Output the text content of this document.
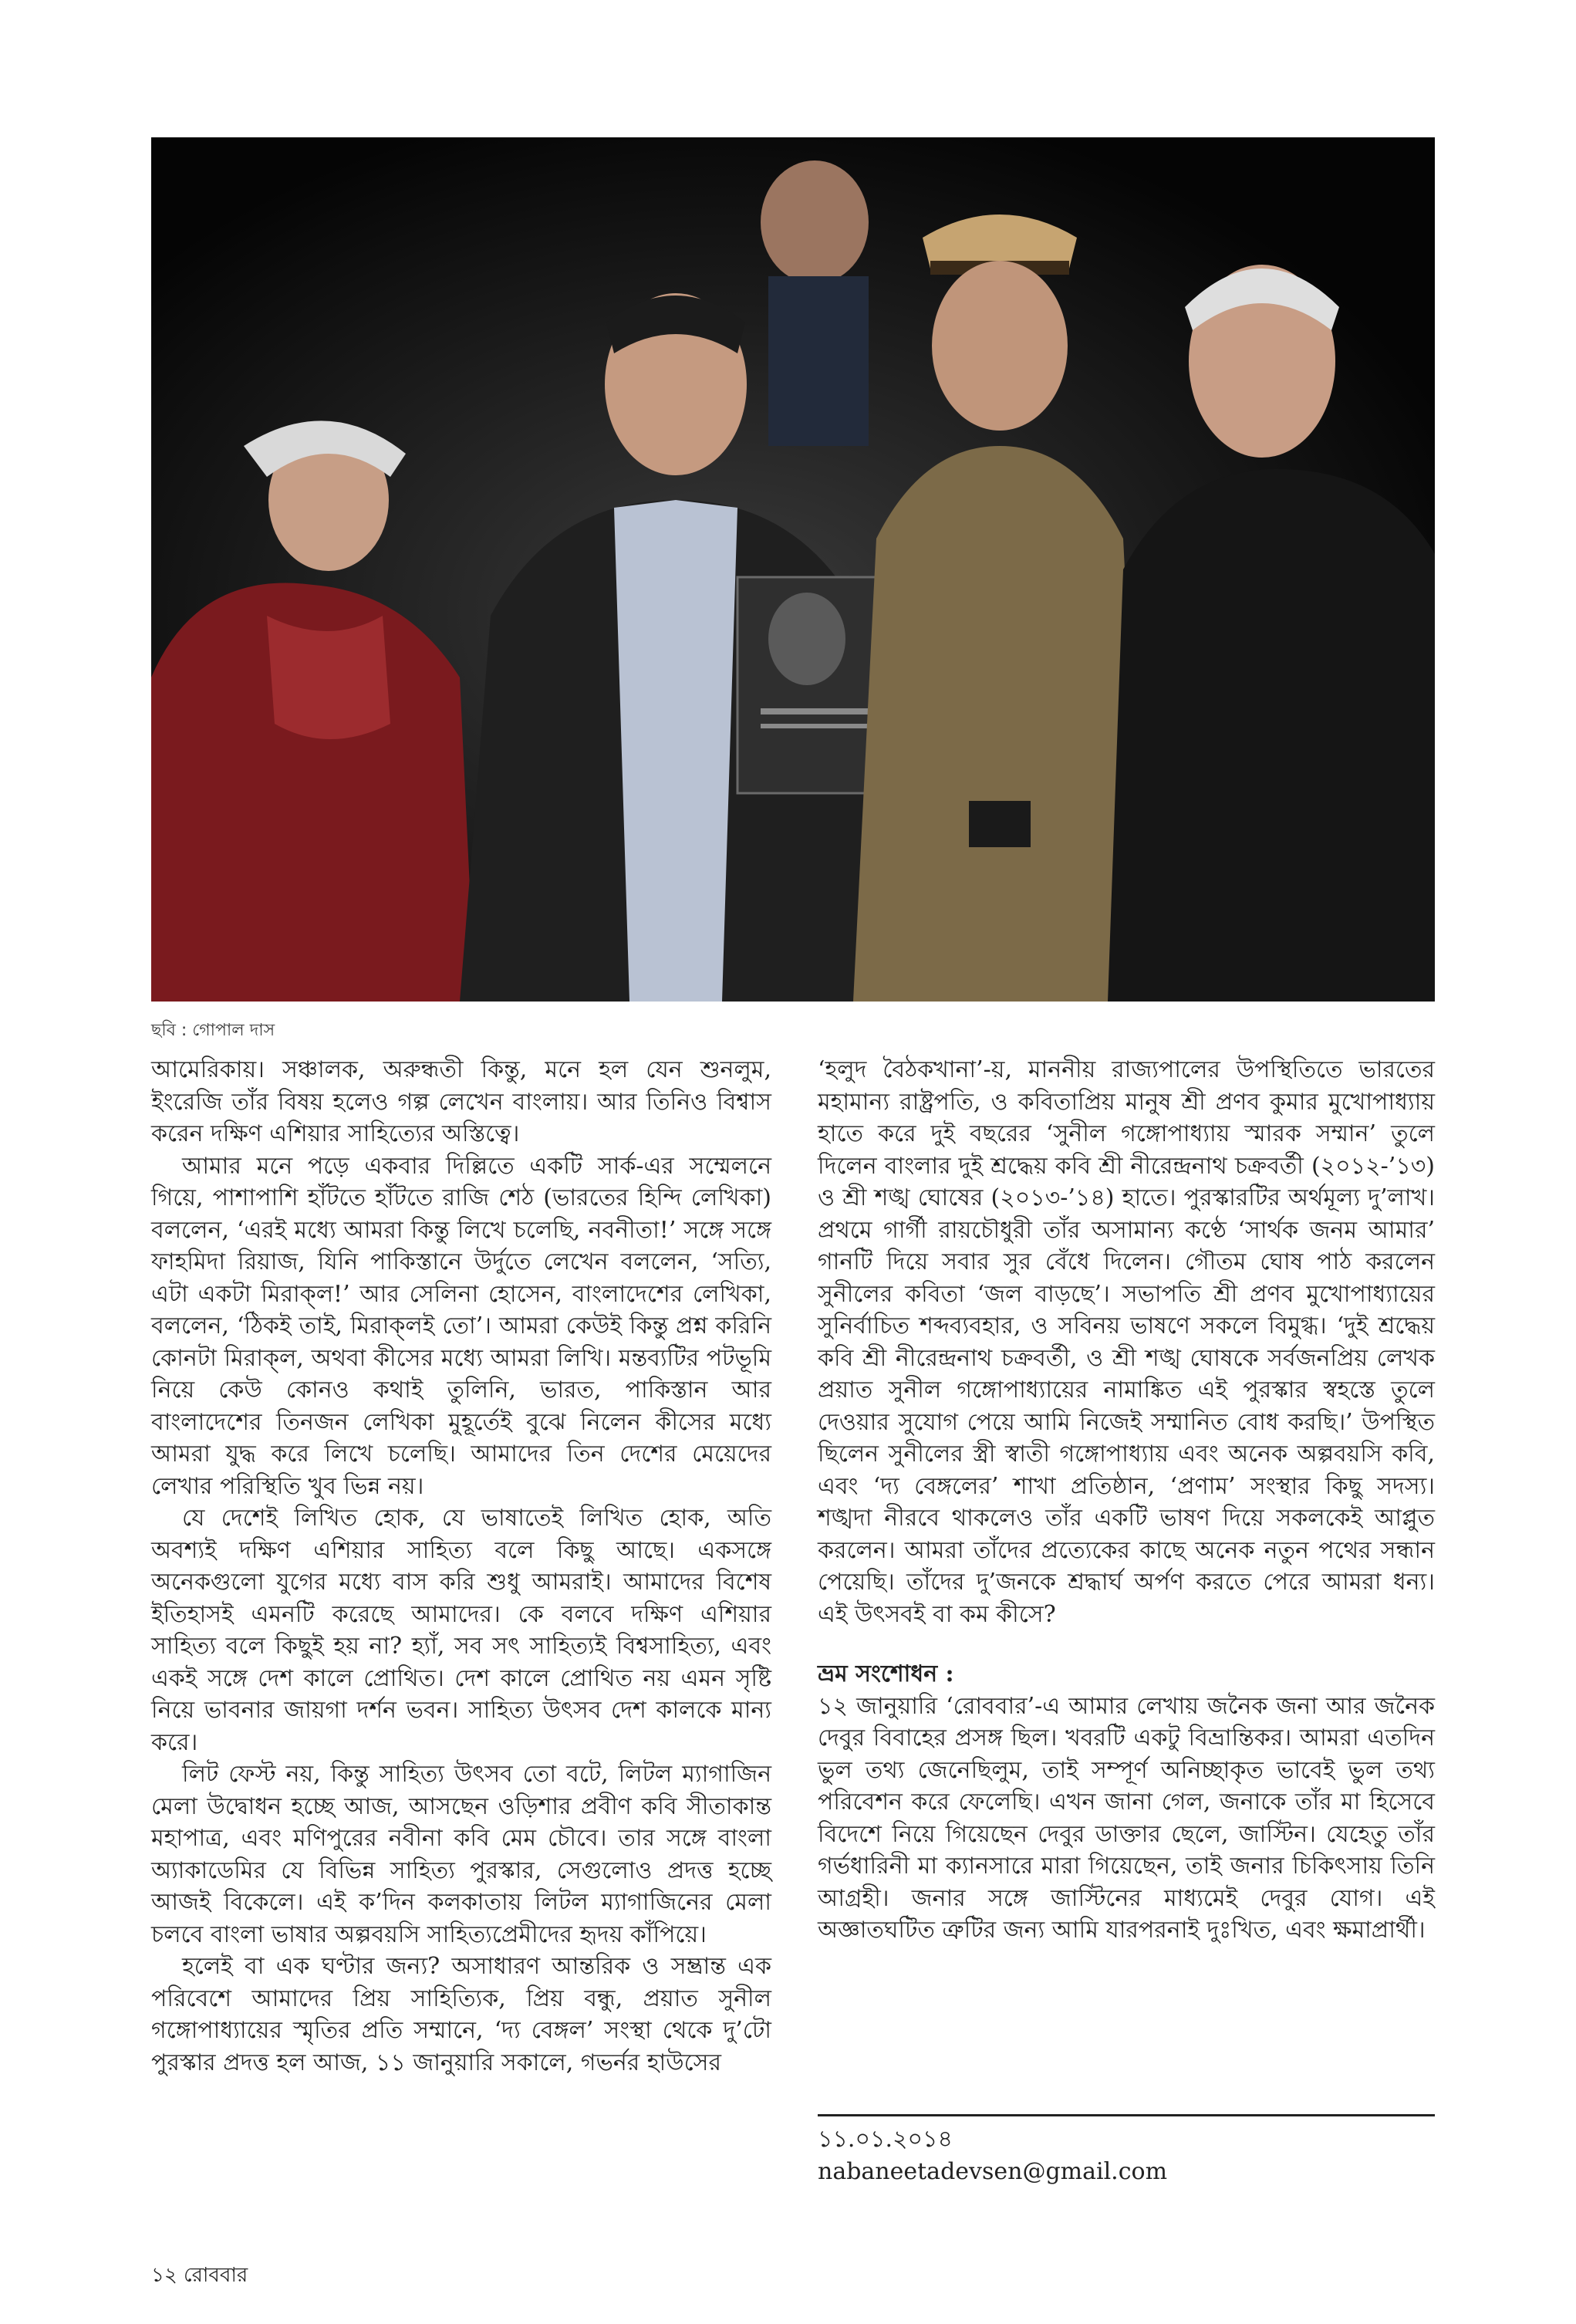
ছবি : গোপাল দাস

আমেরিকায়। সঞ্চালক, অরুন্ধতী কিন্তু, মনে হল যেন শুনলুম, ইংরেজি তাঁর বিষয় হলেও গল্প লেখেন বাংলায়। আর তিনিও বিশ্বাস করেন দক্ষিণ এশিয়ার সাহিত্যের অস্তিত্বে।

আমার মনে পড়ে একবার দিল্লিতে একটি সার্ক-এর সম্মেলনে গিয়ে, পাশাপাশি হাঁটতে হাঁটতে রাজি শেঠ (ভারতের হিন্দি লেখিকা) বললেন, ‘এরই মধ্যে আমরা কিন্তু লিখে চলেছি, নবনীতা!’ সঙ্গে সঙ্গে ফাহমিদা রিয়াজ, যিনি পাকিস্তানে উর্দুতে লেখেন বললেন, ‘সত্যি, এটা একটা মিরাক্‌ল!’ আর সেলিনা হোসেন, বাংলাদেশের লেখিকা, বললেন, ‘ঠিকই তাই, মিরাক্‌লই তো’। আমরা কেউই কিন্তু প্রশ্ন করিনি কোনটা মিরাক্‌ল, অথবা কীসের মধ্যে আমরা লিখি। মন্তব্যটির পটভূমি নিয়ে কেউ কোনও কথাই তুলিনি, ভারত, পাকিস্তান আর বাংলাদেশের তিনজন লেখিকা মুহূর্তেই বুঝে নিলেন কীসের মধ্যে আমরা যুদ্ধ করে লিখে চলেছি। আমাদের তিন দেশের মেয়েদের লেখার পরিস্থিতি খুব ভিন্ন নয়।

যে দেশেই লিখিত হোক, যে ভাষাতেই লিখিত হোক, অতি অবশ্যই দক্ষিণ এশিয়ার সাহিত্য বলে কিছু আছে। একসঙ্গে অনেকগুলো যুগের মধ্যে বাস করি শুধু আমরাই। আমাদের বিশেষ ইতিহাসই এমনটি করেছে আমাদের। কে বলবে দক্ষিণ এশিয়ার সাহিত্য বলে কিছুই হয় না? হ্যাঁ, সব সৎ সাহিত্যই বিশ্বসাহিত্য, এবং একই সঙ্গে দেশ কালে প্রোথিত। দেশ কালে প্রোথিত নয় এমন সৃষ্টি নিয়ে ভাবনার জায়গা দর্শন ভবন। সাহিত্য উৎসব দেশ কালকে মান্য করে।

লিট ফেস্ট নয়, কিন্তু সাহিত্য উৎসব তো বটে, লিটল ম্যাগাজিন মেলা উদ্বোধন হচ্ছে আজ, আসছেন ওড়িশার প্রবীণ কবি সীতাকান্ত মহাপাত্র, এবং মণিপুরের নবীনা কবি মেম চৌবে। তার সঙ্গে বাংলা অ্যাকাডেমির যে বিভিন্ন সাহিত্য পুরস্কার, সেগুলোও প্রদত্ত হচ্ছে আজই বিকেলে। এই ক’দিন কলকাতায় লিটল ম্যাগাজিনের মেলা চলবে বাংলা ভাষার অল্পবয়সি সাহিত্যপ্রেমীদের হৃদয় কাঁপিয়ে।

হলেই বা এক ঘণ্টার জন্য? অসাধারণ আন্তরিক ও সম্ভ্রান্ত এক পরিবেশে আমাদের প্রিয় সাহিত্যিক, প্রিয় বন্ধু, প্রয়াত সুনীল গঙ্গোপাধ্যায়ের স্মৃতির প্রতি সম্মানে, ‘দ্য বেঙ্গল’ সংস্থা থেকে দু’টো পুরস্কার প্রদত্ত হল আজ, ১১ জানুয়ারি সকালে, গভর্নর হাউসের

‘হলুদ বৈঠকখানা’-য়, মাননীয় রাজ্যপালের উপস্থিতিতে ভারতের মহামান্য রাষ্ট্রপতি, ও কবিতাপ্রিয় মানুষ শ্রী প্রণব কুমার মুখোপাধ্যায় হাতে করে দুই বছরের ‘সুনীল গঙ্গোপাধ্যায় স্মারক সম্মান’ তুলে দিলেন বাংলার দুই শ্রদ্ধেয় কবি শ্রী নীরেন্দ্রনাথ চক্রবর্তী (২০১২-’১৩) ও শ্রী শঙ্খ ঘোষের (২০১৩-’১৪) হাতে। পুরস্কারটির অর্থমূল্য দু’লাখ। প্রথমে গার্গী রায়চৌধুরী তাঁর অসামান্য কণ্ঠে ‘সার্থক জনম আমার’ গানটি দিয়ে সবার সুর বেঁধে দিলেন। গৌতম ঘোষ পাঠ করলেন সুনীলের কবিতা ‘জল বাড়ছে’। সভাপতি শ্রী প্রণব মুখোপাধ্যায়ের সুনির্বাচিত শব্দব্যবহার, ও সবিনয় ভাষণে সকলে বিমুগ্ধ। ‘দুই শ্রদ্ধেয় কবি শ্রী নীরেন্দ্রনাথ চক্রবর্তী, ও শ্রী শঙ্খ ঘোষকে সর্বজনপ্রিয় লেখক প্রয়াত সুনীল গঙ্গোপাধ্যায়ের নামাঙ্কিত এই পুরস্কার স্বহস্তে তুলে দেওয়ার সুযোগ পেয়ে আমি নিজেই সম্মানিত বোধ করছি।’ উপস্থিত ছিলেন সুনীলের স্ত্রী স্বাতী গঙ্গোপাধ্যায় এবং অনেক অল্পবয়সি কবি, এবং ‘দ্য বেঙ্গলের’ শাখা প্রতিষ্ঠান, ‘প্রণাম’ সংস্থার কিছু সদস্য। শঙ্খদা নীরবে থাকলেও তাঁর একটি ভাষণ দিয়ে সকলকেই আপ্লুত করলেন। আমরা তাঁদের প্রত্যেকের কাছে অনেক নতুন পথের সন্ধান পেয়েছি। তাঁদের দু’জনকে শ্রদ্ধার্ঘ অর্পণ করতে পেরে আমরা ধন্য। এই উৎসবই বা কম কীসে?

ভ্রম সংশোধন :

১২ জানুয়ারি ‘রোববার’-এ আমার লেখায় জনৈক জনা আর জনৈক দেবুর বিবাহের প্রসঙ্গ ছিল। খবরটি একটু বিভ্রান্তিকর। আমরা এতদিন ভুল তথ্য জেনেছিলুম, তাই সম্পূর্ণ অনিচ্ছাকৃত ভাবেই ভুল তথ্য পরিবেশন করে ফেলেছি। এখন জানা গেল, জনাকে তাঁর মা হিসেবে বিদেশে নিয়ে গিয়েছেন দেবুর ডাক্তার ছেলে, জাস্টিন। যেহেতু তাঁর গর্ভধারিনী মা ক্যানসারে মারা গিয়েছেন, তাই জনার চিকিৎসায় তিনি আগ্রহী। জনার সঙ্গে জাস্টিনের মাধ্যমেই দেবুর যোগ। এই অজ্ঞাতঘটিত ত্রুটির জন্য আমি যারপরনাই দুঃখিত, এবং ক্ষমাপ্রার্থী।

১১.০১.২০১৪
nabaneetadevsen@gmail.com
১২ রোববার
